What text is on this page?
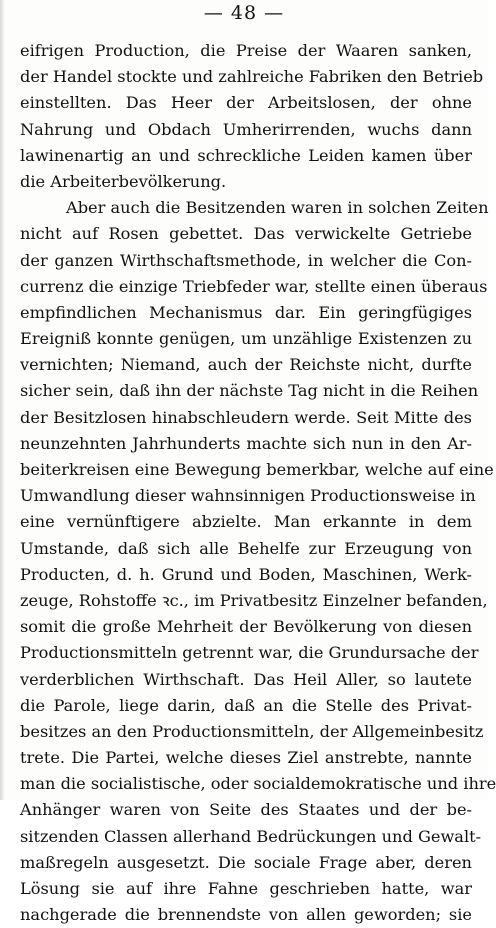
— 48 —
eifrigen Production, die Preise der Waaren sanken,
der Handel stockte und zahlreiche Fabriken den Betrieb
einstellten. Das Heer der Arbeitslosen, der ohne
Nahrung und Obdach Umherirrenden, wuchs dann
lawinenartig an und schreckliche Leiden kamen über
die Arbeiterbevölkerung.
Aber auch die Besitzenden waren in solchen Zeiten
nicht auf Rosen gebettet. Das verwickelte Getriebe
der ganzen Wirthschaftsmethode, in welcher die Con-
currenz die einzige Triebfeder war, stellte einen überaus
empfindlichen Mechanismus dar. Ein geringfügiges
Ereigniß konnte genügen, um unzählige Existenzen zu
vernichten; Niemand, auch der Reichste nicht, durfte
sicher sein, daß ihn der nächste Tag nicht in die Reihen
der Besitzlosen hinabschleudern werde. Seit Mitte des
neunzehnten Jahrhunderts machte sich nun in den Ar-
beiterkreisen eine Bewegung bemerkbar, welche auf eine
Umwandlung dieser wahnsinnigen Productionsweise in
eine vernünftigere abzielte. Man erkannte in dem
Umstande, daß sich alle Behelfe zur Erzeugung von
Producten, d. h. Grund und Boden, Maschinen, Werk-
zeuge, Rohstoffe ꝛc., im Privatbesitz Einzelner befanden,
somit die große Mehrheit der Bevölkerung von diesen
Productionsmitteln getrennt war, die Grundursache der
verderblichen Wirthschaft. Das Heil Aller, so lautete
die Parole, liege darin, daß an die Stelle des Privat-
besitzes an den Productionsmitteln, der Allgemeinbesitz
trete. Die Partei, welche dieses Ziel anstrebte, nannte
man die socialistische, oder socialdemokratische und ihre
Anhänger waren von Seite des Staates und der be-
sitzenden Classen allerhand Bedrückungen und Gewalt-
maßregeln ausgesetzt. Die sociale Frage aber, deren
Lösung sie auf ihre Fahne geschrieben hatte, war
nachgerade die brennendste von allen geworden; sie
